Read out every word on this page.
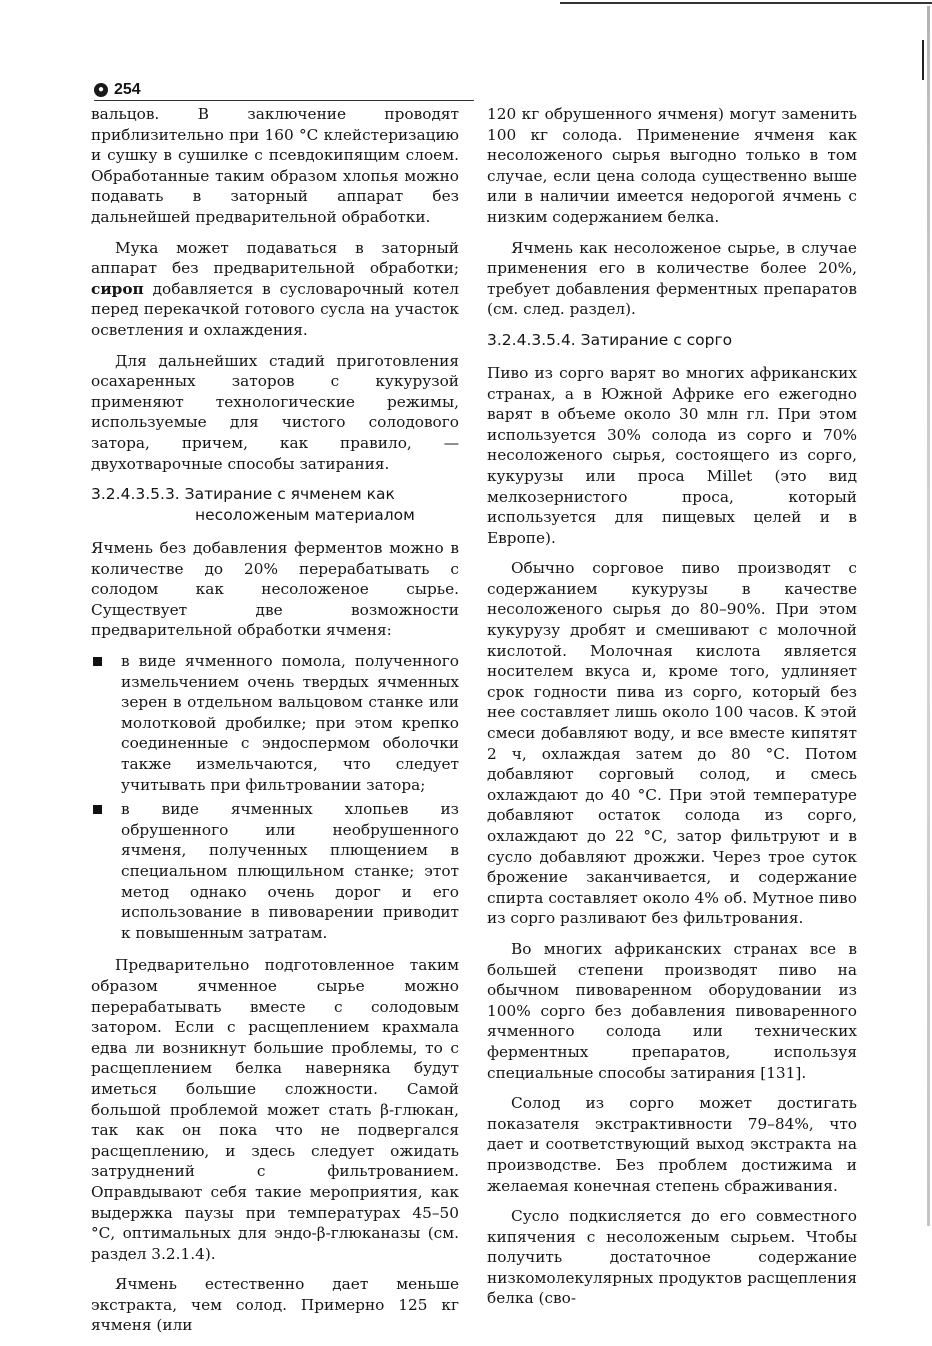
● 254

вальцов. В заключение проводят приблизительно при 160 °С клейстеризацию и сушку в сушилке с псевдокипящим слоем. Обработанные таким образом хлопья можно подавать в заторный аппарат без дальнейшей предварительной обработки.

Мука может подаваться в заторный аппарат без предварительной обработки; сироп добавляется в сусловарочный котел перед перекачкой готового сусла на участок осветления и охлаждения.

Для дальнейших стадий приготовления осахаренных заторов с кукурузой применяют технологические режимы, используемые для чистого солодового затора, причем, как правило, — двухотварочные способы затирания.

3.2.4.3.5.3. Затирание с ячменем как
несоложеным материалом

Ячмень без добавления ферментов можно в количестве до 20% перерабатывать с солодом как несоложеное сырье. Существует две возможности предварительной обработки ячменя:

в виде ячменного помола, полученного измельчением очень твердых ячменных зерен в отдельном вальцовом станке или молотковой дробилке; при этом крепко соединенные с эндоспермом оболочки также измельчаются, что следует учитывать при фильтровании затора;
в виде ячменных хлопьев из обрушенного или необрушенного ячменя, полученных плющением в специальном плющильном станке; этот метод однако очень дорог и его использование в пивоварении приводит к повышенным затратам.

Предварительно подготовленное таким образом ячменное сырье можно перерабатывать вместе с солодовым затором. Если с расщеплением крахмала едва ли возникнут большие проблемы, то с расщеплением белка наверняка будут иметься большие сложности. Самой большой проблемой может стать β-глюкан, так как он пока что не подвергался расщеплению, и здесь следует ожидать затруднений с фильтрованием. Оправдывают себя такие мероприятия, как выдержка паузы при температурах 45–50 °С, оптимальных для эндо-β-глюканазы (см. раздел 3.2.1.4).

Ячмень естественно дает меньше экстракта, чем солод. Примерно 125 кг ячменя (или

120 кг обрушенного ячменя) могут заменить 100 кг солода. Применение ячменя как несоложеного сырья выгодно только в том случае, если цена солода существенно выше или в наличии имеется недорогой ячмень с низким содержанием белка.

Ячмень как несоложеное сырье, в случае применения его в количестве более 20%, требует добавления ферментных препаратов (см. след. раздел).

3.2.4.3.5.4. Затирание с сорго

Пиво из сорго варят во многих африканских странах, а в Южной Африке его ежегодно варят в объеме около 30 млн гл. При этом используется 30% солода из сорго и 70% несоложеного сырья, состоящего из сорго, кукурузы или проса Millet (это вид мелкозернистого проса, который используется для пищевых целей и в Европе).

Обычно сорговое пиво производят с содержанием кукурузы в качестве несоложеного сырья до 80–90%. При этом кукурузу дробят и смешивают с молочной кислотой. Молочная кислота является носителем вкуса и, кроме того, удлиняет срок годности пива из сорго, который без нее составляет лишь около 100 часов. К этой смеси добавляют воду, и все вместе кипятят 2 ч, охлаждая затем до 80 °С. Потом добавляют сорговый солод, и смесь охлаждают до 40 °С. При этой температуре добавляют остаток солода из сорго, охлаждают до 22 °С, затор фильтруют и в сусло добавляют дрожжи. Через трое суток брожение заканчивается, и содержание спирта составляет около 4% об. Мутное пиво из сорго разливают без фильтрования.

Во многих африканских странах все в большей степени производят пиво на обычном пивоваренном оборудовании из 100% сорго без добавления пивоваренного ячменного солода или технических ферментных препаратов, используя специальные способы затирания [131].

Солод из сорго может достигать показателя экстрактивности 79–84%, что дает и соответствующий выход экстракта на производстве. Без проблем достижима и желаемая конечная степень сбраживания.

Сусло подкисляется до его совместного кипячения с несоложеным сырьем. Чтобы получить достаточное содержание низкомолекулярных продуктов расщепления белка (сво-
